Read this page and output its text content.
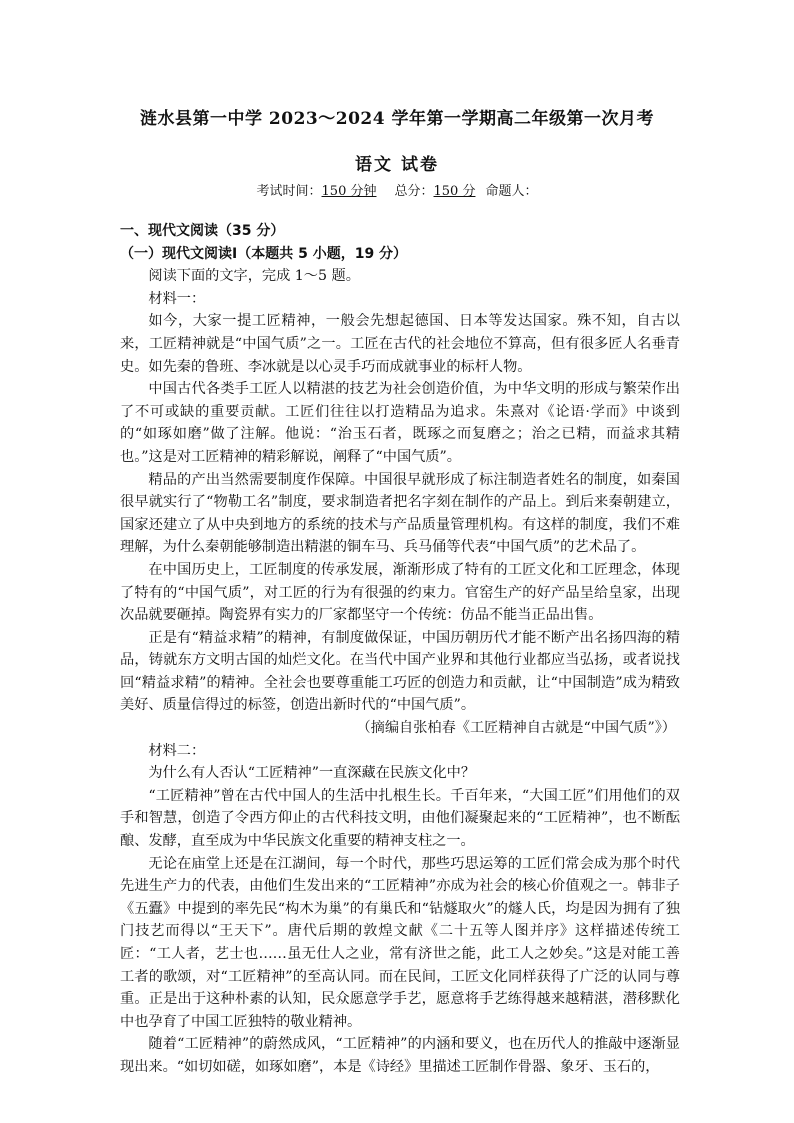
涟水县第一中学 2023～2024 学年第一学期高二年级第一次月考
语文 试卷
考试时间：150 分钟 总分：150 分 命题人：
一、现代文阅读（35 分）
（一）现代文阅读Ⅰ（本题共 5 小题，19 分）

阅读下面的文字，完成 1～5 题。

材料一：

如今，大家一提工匠精神，一般会先想起德国、日本等发达国家。殊不知，自古以来，工匠精神就是“中国气质”之一。工匠在古代的社会地位不算高，但有很多匠人名垂青史。如先秦的鲁班、李冰就是以心灵手巧而成就事业的标杆人物。

中国古代各类手工匠人以精湛的技艺为社会创造价值，为中华文明的形成与繁荣作出了不可或缺的重要贡献。工匠们往往以打造精品为追求。朱熹对《论语·学而》中谈到的“如琢如磨”做了注解。他说：“治玉石者，既琢之而复磨之；治之已精，而益求其精也。”这是对工匠精神的精彩解说，阐释了“中国气质”。

精品的产出当然需要制度作保障。中国很早就形成了标注制造者姓名的制度，如秦国很早就实行了“物勒工名”制度，要求制造者把名字刻在制作的产品上。到后来秦朝建立，国家还建立了从中央到地方的系统的技术与产品质量管理机构。有这样的制度，我们不难理解，为什么秦朝能够制造出精湛的铜车马、兵马俑等代表“中国气质”的艺术品了。

在中国历史上，工匠制度的传承发展，渐渐形成了特有的工匠文化和工匠理念，体现了特有的“中国气质”，对工匠的行为有很强的约束力。官窑生产的好产品呈给皇家，出现次品就要砸掉。陶瓷界有实力的厂家都坚守一个传统：仿品不能当正品出售。

正是有“精益求精”的精神，有制度做保证，中国历朝历代才能不断产出名扬四海的精品，铸就东方文明古国的灿烂文化。在当代中国产业界和其他行业都应当弘扬，或者说找回“精益求精”的精神。全社会也要尊重能工巧匠的创造力和贡献，让“中国制造”成为精致美好、质量信得过的标签，创造出新时代的“中国气质”。

（摘编自张柏春《工匠精神自古就是“中国气质”》）

材料二：

为什么有人否认“工匠精神”一直深藏在民族文化中？

“工匠精神”曾在古代中国人的生活中扎根生长。千百年来，“大国工匠”们用他们的双手和智慧，创造了令西方仰止的古代科技文明，由他们凝聚起来的“工匠精神”，也不断酝酿、发酵，直至成为中华民族文化重要的精神支柱之一。

无论在庙堂上还是在江湖间，每一个时代，那些巧思运筹的工匠们常会成为那个时代先进生产力的代表，由他们生发出来的“工匠精神”亦成为社会的核心价值观之一。韩非子《五蠹》中提到的率先民“构木为巢”的有巢氏和“钻燧取火”的燧人氏，均是因为拥有了独门技艺而得以“王天下”。唐代后期的敦煌文献《二十五等人图并序》这样描述传统工匠：“工人者，艺士也……虽无仕人之业，常有济世之能，此工人之妙矣。”这是对能工善工者的歌颂，对“工匠精神”的至高认同。而在民间，工匠文化同样获得了广泛的认同与尊重。正是出于这种朴素的认知，民众愿意学手艺，愿意将手艺练得越来越精湛，潜移默化中也孕育了中国工匠独特的敬业精神。

随着“工匠精神”的蔚然成风，“工匠精神”的内涵和要义，也在历代人的推敲中逐渐显现出来。“如切如磋，如琢如磨”，本是《诗经》里描述工匠制作骨器、象牙、玉石的，
